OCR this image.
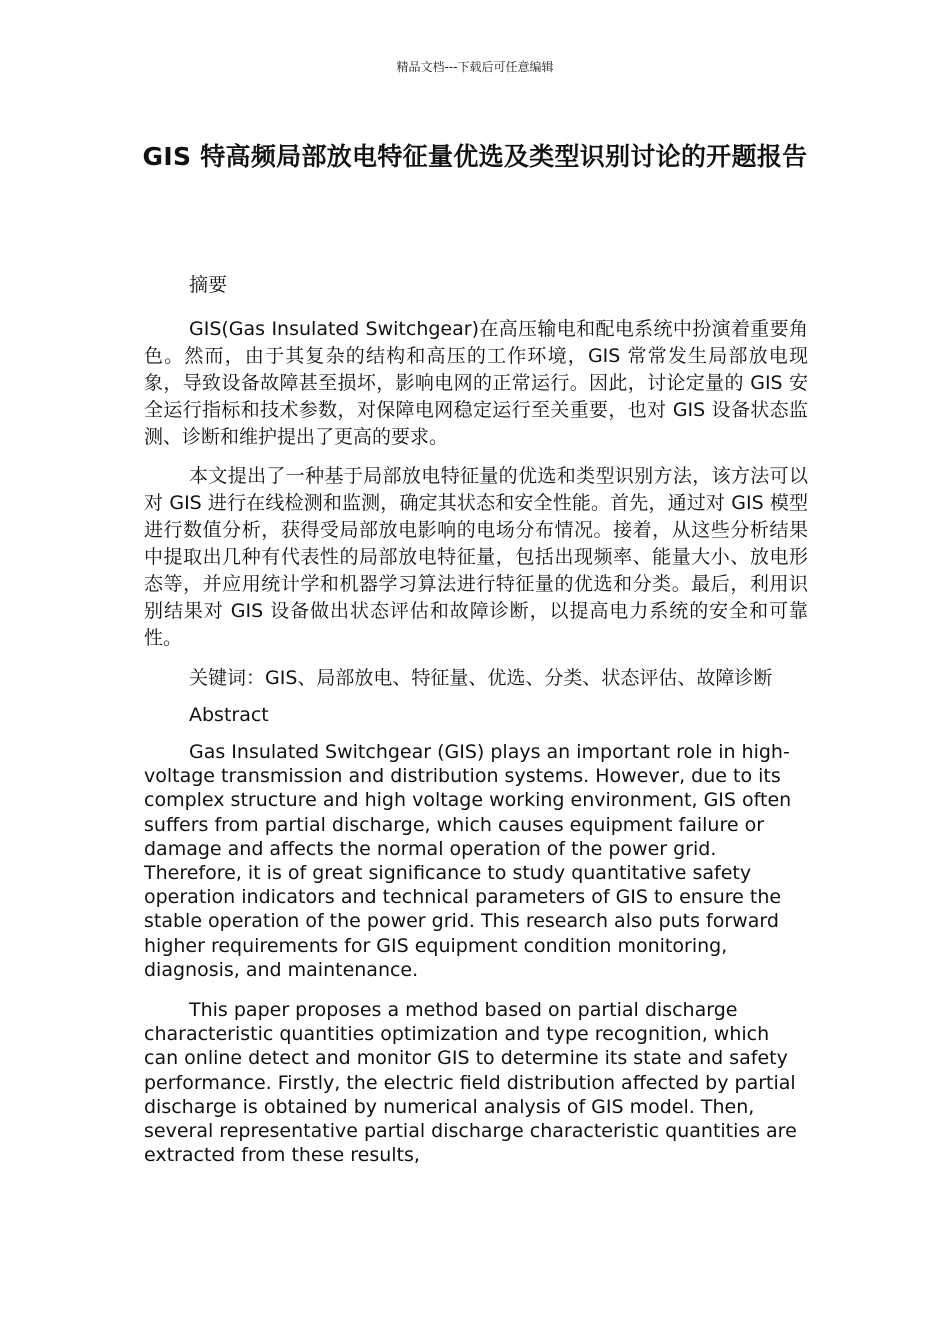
精品文档---下载后可任意编辑
GIS 特高频局部放电特征量优选及类型识别讨论的开题报告

摘要

GIS(Gas Insulated Switchgear)在高压输电和配电系统中扮演着重要角色。然而，由于其复杂的结构和高压的工作环境，GIS 常常发生局部放电现象，导致设备故障甚至损坏，影响电网的正常运行。因此，讨论定量的 GIS 安全运行指标和技术参数，对保障电网稳定运行至关重要，也对 GIS 设备状态监测、诊断和维护提出了更高的要求。

本文提出了一种基于局部放电特征量的优选和类型识别方法，该方法可以对 GIS 进行在线检测和监测，确定其状态和安全性能。首先，通过对 GIS 模型进行数值分析，获得受局部放电影响的电场分布情况。接着，从这些分析结果中提取出几种有代表性的局部放电特征量，包括出现频率、能量大小、放电形态等，并应用统计学和机器学习算法进行特征量的优选和分类。最后，利用识别结果对 GIS 设备做出状态评估和故障诊断，以提高电力系统的安全和可靠性。

关键词：GIS、局部放电、特征量、优选、分类、状态评估、故障诊断

Abstract

Gas Insulated Switchgear (GIS) plays an important role in high-voltage transmission and distribution systems. However, due to its complex structure and high voltage working environment, GIS often suffers from partial discharge, which causes equipment failure or damage and affects the normal operation of the power grid. Therefore, it is of great significance to study quantitative safety operation indicators and technical parameters of GIS to ensure the stable operation of the power grid. This research also puts forward higher requirements for GIS equipment condition monitoring, diagnosis, and maintenance.

This paper proposes a method based on partial discharge characteristic quantities optimization and type recognition, which can online detect and monitor GIS to determine its state and safety performance. Firstly, the electric field distribution affected by partial discharge is obtained by numerical analysis of GIS model. Then, several representative partial discharge characteristic quantities are extracted from these results,
